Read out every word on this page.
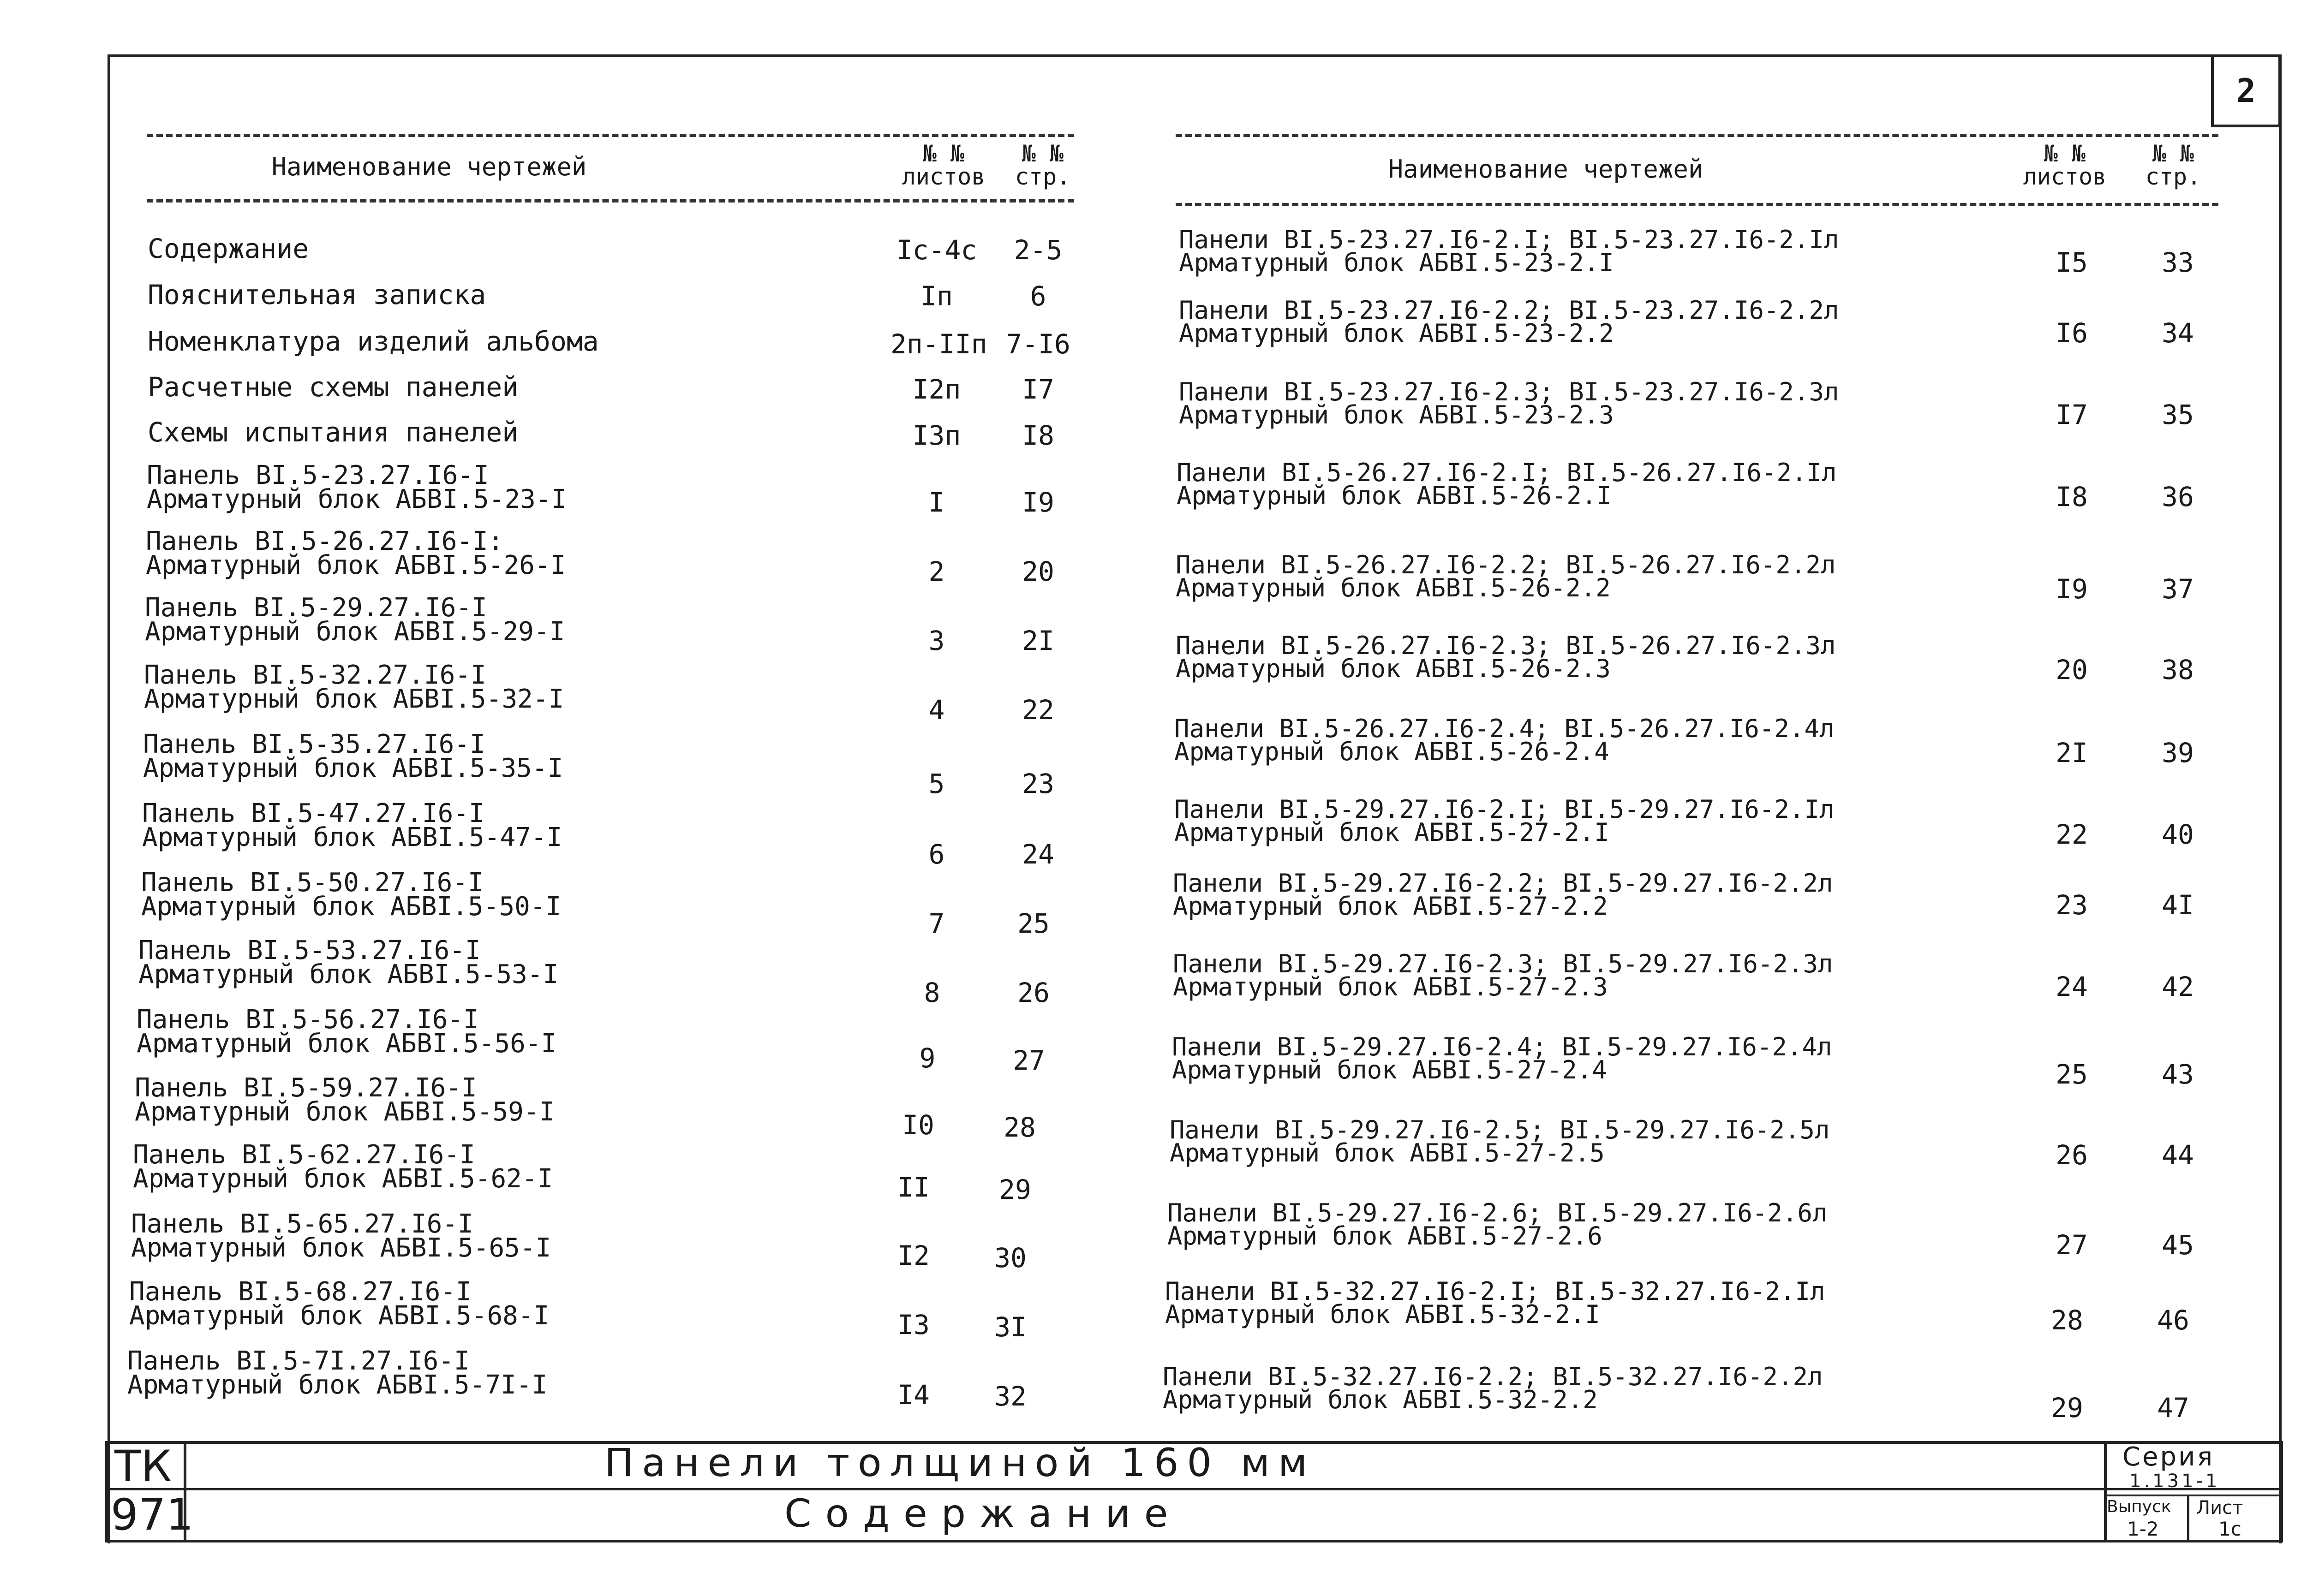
2
Наименование чертежей	№ №
листов
№ №
стр.	Наименование чертежей
№ №
листов
№ №
стр.
Содержание	Iс-4с	2-5
Пояснительная записка	Iп	6
Номенклатура изделий альбома	2п-IIп 7-I6
Расчетные схемы панелей	I2п	I7
Схемы испытания панелей	I3п	I8
Панель BI.5-23.27.I6-I
Арматурный блок АБВI.5-23-I	I	I9
Панель BI.5-26.27.I6-I:
Арматурный блок АБВI.5-26-I	2	20
Панель BI.5-29.27.I6-I
Арматурный блок АБВI.5-29-I	3	2I
Панель BI.5-32.27.I6-I
Арматурный блок АБВI.5-32-I	4	22
Панель BI.5-35.27.I6-I
Арматурный блок АБВI.5-35-I	5	23
Панель BI.5-47.27.I6-I
Арматурный блок АБВI.5-47-I
6	24
Панель BI.5-50.27.I6-I
Арматурный блок АБВI.5-50-I
7	25
Панель BI.5-53.27.I6-I
Арматурный блок АБВI.5-53-I
8	26
Панель BI.5-56.27.I6-I
Арматурный блок АБВI.5-56-I	9	27
Панель BI.5-59.27.I6-I
Арматурный блок АБВI.5-59-I	I0	28
Панель BI.5-62.27.I6-I
Арматурный блок АБВI.5-62-I	II	29
Панель BI.5-65.27.I6-I
Арматурный блок АБВI.5-65-I	I2	30
Панель BI.5-68.27.I6-I
Арматурный блок АБВI.5-68-I	I3	3I
Панель BI.5-7I.27.I6-I
Арматурный блок АБВI.5-7I-I	I4	32
Панели BI.5-23.27.I6-2.I; BI.5-23.27.I6-2.Iл
Арматурный блок АБВI.5-23-2.I	I5	33
Панели BI.5-23.27.I6-2.2; BI.5-23.27.I6-2.2л
Арматурный блок АБВI.5-23-2.2	I6	34
Панели BI.5-23.27.I6-2.3; BI.5-23.27.I6-2.3л
Арматурный блок АБВI.5-23-2.3	I7	35
Панели BI.5-26.27.I6-2.I; BI.5-26.27.I6-2.Iл
Арматурный блок АБВI.5-26-2.I	I8	36
Панели BI.5-26.27.I6-2.2; BI.5-26.27.I6-2.2л
Арматурный блок АБВI.5-26-2.2	I9	37
Панели BI.5-26.27.I6-2.3; BI.5-26.27.I6-2.3л
Арматурный блок АБВI.5-26-2.3	20	38
Панели BI.5-26.27.I6-2.4; BI.5-26.27.I6-2.4л
Арматурный блок АБВI.5-26-2.4	2I	39
Панели BI.5-29.27.I6-2.I; BI.5-29.27.I6-2.Iл
Арматурный блок АБВI.5-27-2.I	22	40
Панели BI.5-29.27.I6-2.2; BI.5-29.27.I6-2.2л
Арматурный блок АБВI.5-27-2.2	23	4I
Панели BI.5-29.27.I6-2.3; BI.5-29.27.I6-2.3л
Арматурный блок АБВI.5-27-2.3	24	42
Панели BI.5-29.27.I6-2.4; BI.5-29.27.I6-2.4л
Арматурный блок АБВI.5-27-2.4	25	43
Панели BI.5-29.27.I6-2.5; BI.5-29.27.I6-2.5л
Арматурный блок АБВI.5-27-2.5	26	44
Панели BI.5-29.27.I6-2.6; BI.5-29.27.I6-2.6л
Арматурный блок АБВI.5-27-2.6	27	45
Панели BI.5-32.27.I6-2.I; BI.5-32.27.I6-2.Iл
Арматурный блок АБВI.5-32-2.I	28	46
Панели BI.5-32.27.I6-2.2; BI.5-32.27.I6-2.2л
Арматурный блок АБВI.5-32-2.2	29	47
ТК
971
Панели толщиной 160 мм
Содержание
Серия
1.131-1
Выпуск
1-2
Лист
1с
